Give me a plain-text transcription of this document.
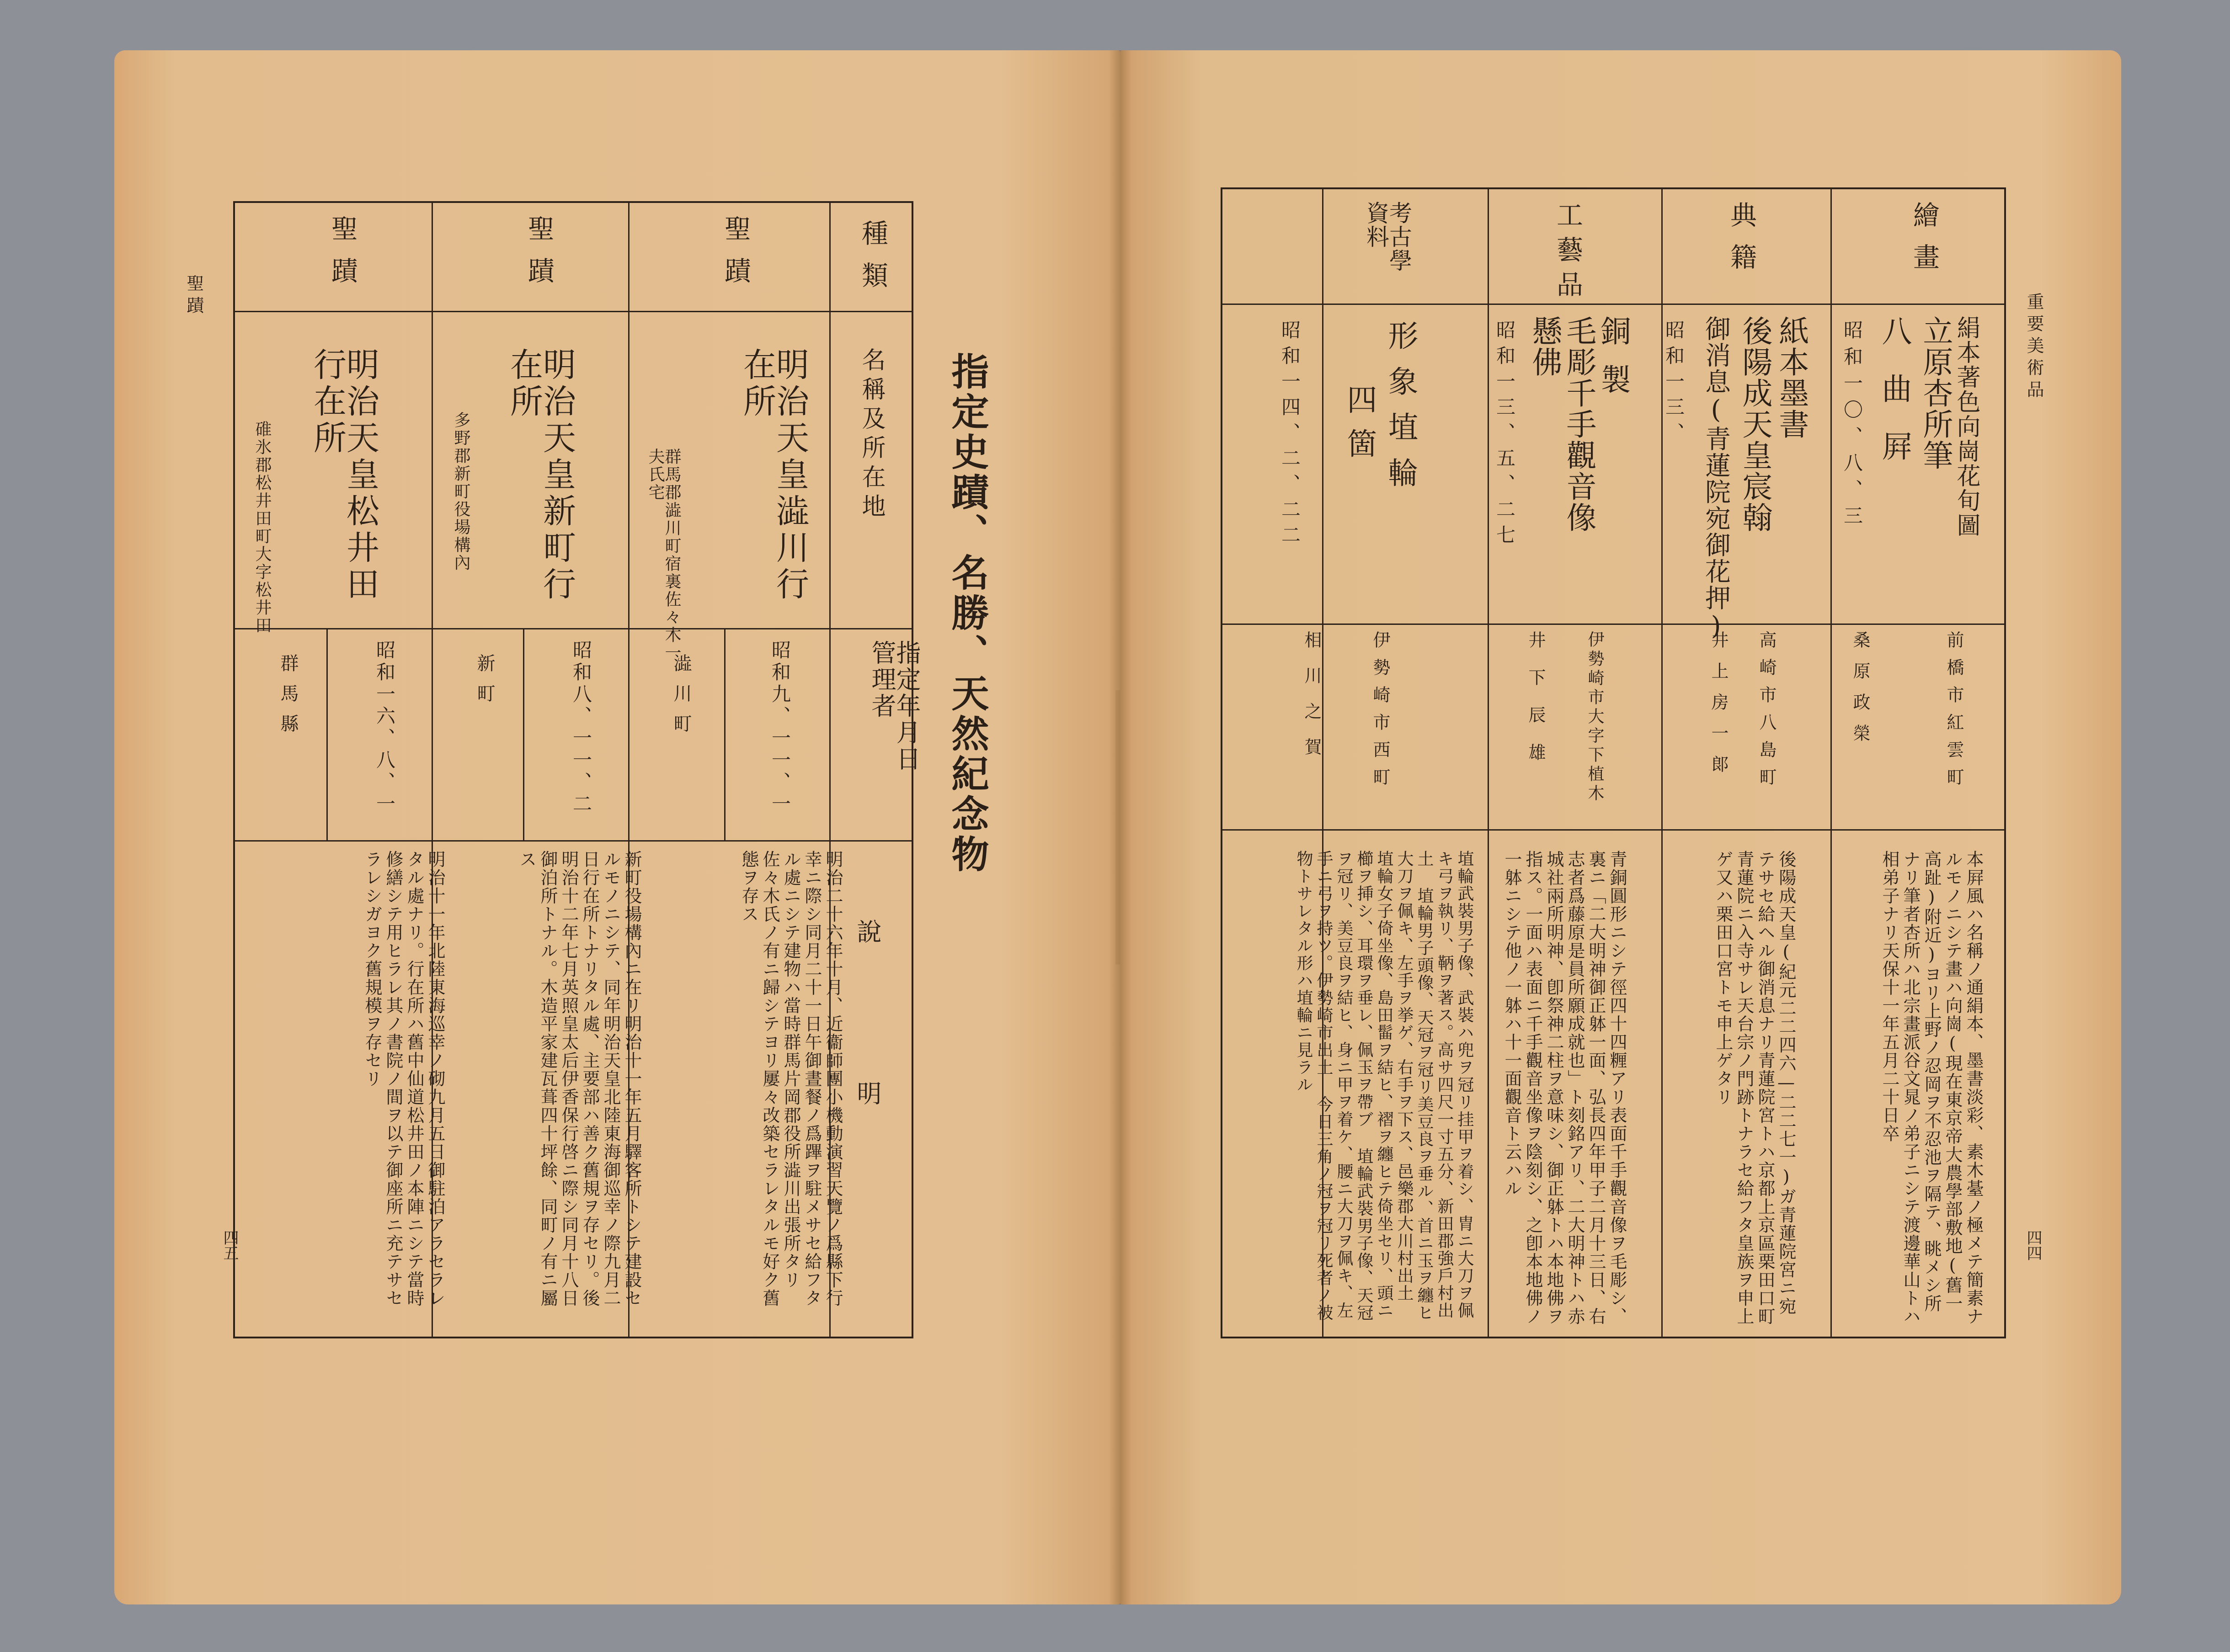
聖蹟
四五
指定史蹟、名勝、天然紀念物
種類
名稱及所在地
指定年月日管理者
說明
聖蹟
明治天皇澁川行在所
群馬郡澁川町宿裏佐々木一夫氏宅
昭和九、一一、一
澁川町
明治二十六年十月、近衞師團小機動演習天覽ノ爲縣下行幸ニ際シ同月二十一日午御晝餐ノ爲蹕ヲ駐メサセ給フタル處ニシテ建物ハ當時群馬片岡郡役所澁川出張所タリ佐々木氏ノ有ニ歸シテヨリ屢々改築セラレタルモ好ク舊態ヲ存ス
聖蹟
明治天皇新町行在所
多野郡新町役場構內
昭和八、一一、二
新町
新町役場構內ニ在リ明治十一年五月驛客所トシテ建設セルモノニシテ、同年明治天皇北陸東海御巡幸ノ際九月二日行在所トナリタル處、主要部ハ善ク舊規ヲ存セリ。後明治十二年七月英照皇太后伊香保行啓ニ際シ同月十八日御泊所トナル。木造平家建瓦葺四十坪餘、同町ノ有ニ屬ス
聖蹟
明治天皇松井田行在所
碓氷郡松井田町大字松井田
昭和一六、八、一
群馬縣
明治十一年北陸東海巡幸ノ砌九月五日御駐泊アラセラレタル處ナリ。行在所ハ舊中仙道松井田ノ本陣ニシテ當時修繕シテ用ヒラレ其ノ書院ノ間ヲ以テ御座所ニ充テサセラレシガヨク舊規模ヲ存セリ
重要美術品
四四
繪畫
絹本著色向崗花旬圖
立原杏所筆
八曲屛
昭和一〇、八、三
前橋市紅雲町
桑原政榮
本屛風ハ名稱ノ通絹本、墨書淡彩、素木䑓ノ極メテ簡素ナルモノニシテ畫ハ向崗(現在東京帝大農學部敷地(舊一高趾)附近)ヨリ上野ノ忍岡ヲ不忍池ヲ隔テ、眺メシ所ナリ筆者杏所ハ北宗畫派谷文晁ノ弟子ニシテ渡邊華山トハ相弟子ナリ天保十一年五月二十日卒
典籍
紙本墨書
後陽成天皇宸翰
御消息(青蓮院宛御花押)
昭和一三、
高崎市八島町
井上房一郞
後陽成天皇(紀元二二四六—二二七一)ガ青蓮院宮ニ宛テサセ給ヘル御消息ナリ青蓮院宮トハ京都上京區栗田口町青蓮院ニ入寺サレ天台宗ノ門跡トナラセ給フタ皇族ヲ申上ゲ又ハ栗田口宮トモ申上ゲタリ
工藝品
銅製
毛彫千手觀音像
懸佛
昭和一三、五、二七
伊勢崎市大字下植木
井下辰雄
青銅圓形ニシテ徑四十四糎アリ表面千手觀音像ヲ毛彫シ、裏ニ「二大明神御正躰一面、弘長四年甲子二月十三日、右志者爲藤原是員所願成就也」ト刻銘アリ、二大明神トハ赤城社兩所明神、卽祭神二柱ヲ意味シ、御正躰トハ本地佛ヲ指ス。一面ハ表面ニ千手觀音坐像ヲ陰刻シ、之卽本地佛ノ一躰ニシテ他ノ一躰ハ十一面觀音ト云ハル
考古學資料
形象埴輪
四箇
昭和一四、二、二二
伊勢崎市西町
相川之賀
埴輪武裝男子像、武裝ハ兜ヲ冠リ挂甲ヲ着シ、胄ニ大刀ヲ佩キ弓ヲ執リ、鞆ヲ著ス。高サ四尺一寸五分、新田郡強戶村出土 埴輪男子頭像、天冠ヲ冠リ美豆良ヲ垂ル、首ニ玉ヲ纏ヒ大刀ヲ佩キ、左手ヲ挙ゲ、右手ヲ下ス、邑樂郡大川村出土 埴輪女子倚坐像、島田髷ヲ結ヒ、褶ヲ纏ヒテ倚坐セリ、頭ニ櫛ヲ挿シ、耳環ヲ垂レ、佩玉ヲ帶ブ 埴輪武裝男子像、天冠ヲ冠リ、美豆良ヲ結ヒ、身ニ甲ヲ着ケ、腰ニ大刀ヲ佩キ、左手ニ弓ヲ持ツ。伊勢崎市出土 今日三角ノ冠ヲ冠リ死者ノ被物トサレタル形ハ埴輪ニ見ラル
